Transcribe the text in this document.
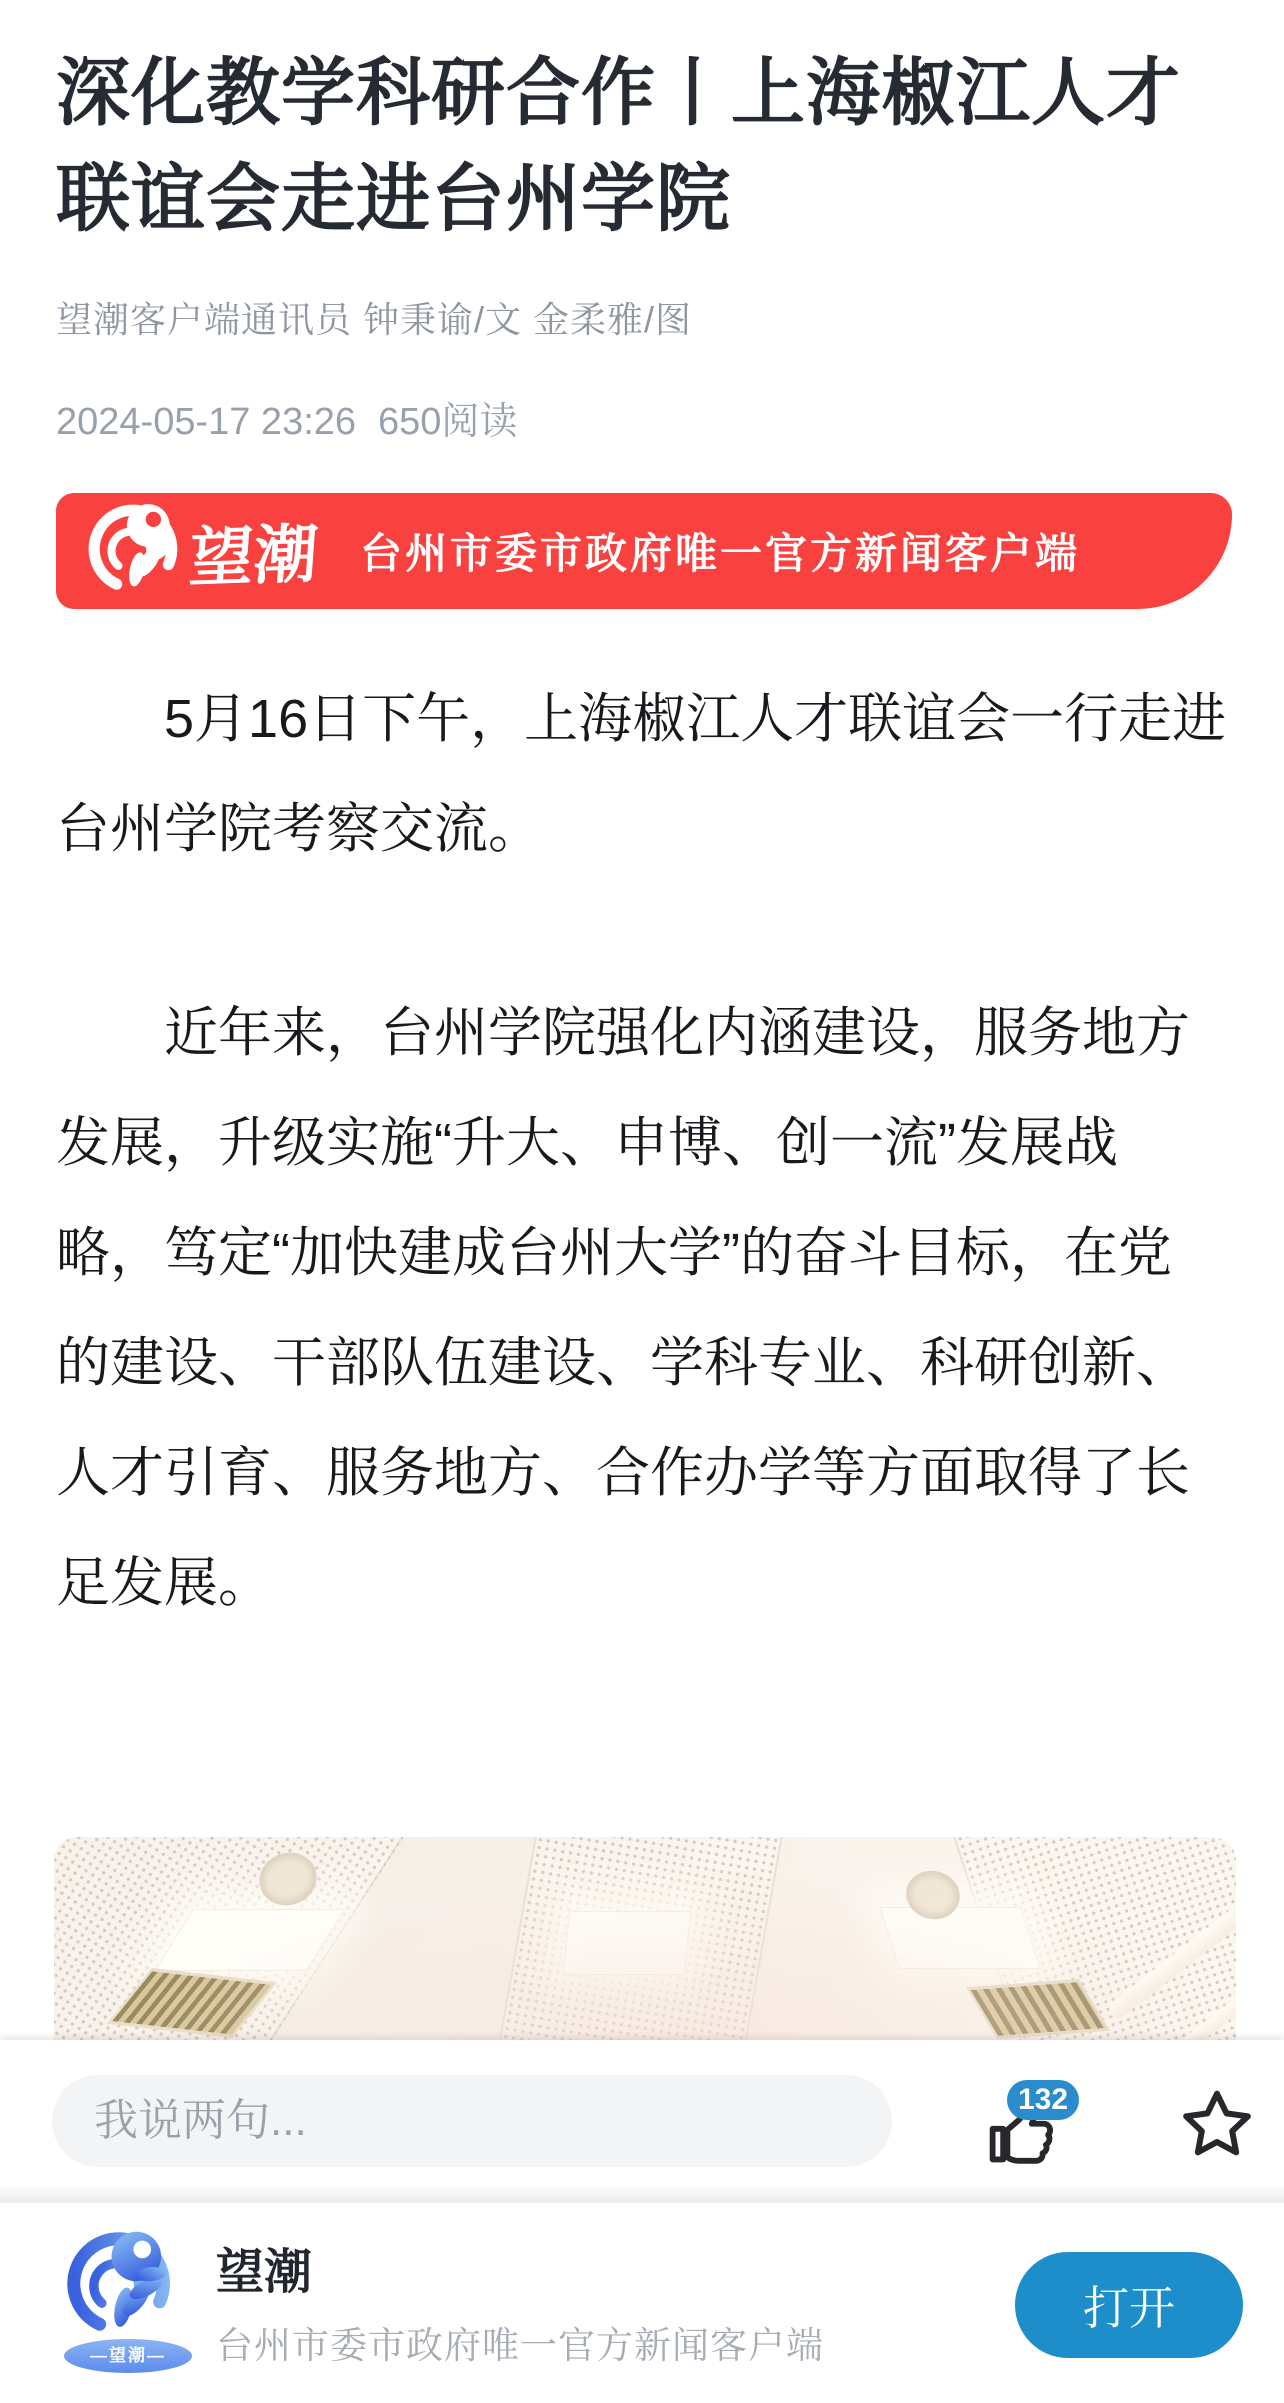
深化教学科研合作丨上海椒江人才
联谊会走进台州学院
望潮客户端通讯员 钟秉谕/文 金柔雅/图
2024-05-17 23:26 650阅读
望潮 台州市委市政府唯一官方新闻客户端
5月16日下午，上海椒江人才联谊会一行走进
台州学院考察交流。
近年来，台州学院强化内涵建设，服务地方
发展，升级实施“升大、申博、创一流”发展战
略，笃定“加快建成台州大学”的奋斗目标，在党
的建设、干部队伍建设、学科专业、科研创新、
人才引育、服务地方、合作办学等方面取得了长
足发展。
我说两句...
132
—望潮—
望潮
台州市委市政府唯一官方新闻客户端
打开
